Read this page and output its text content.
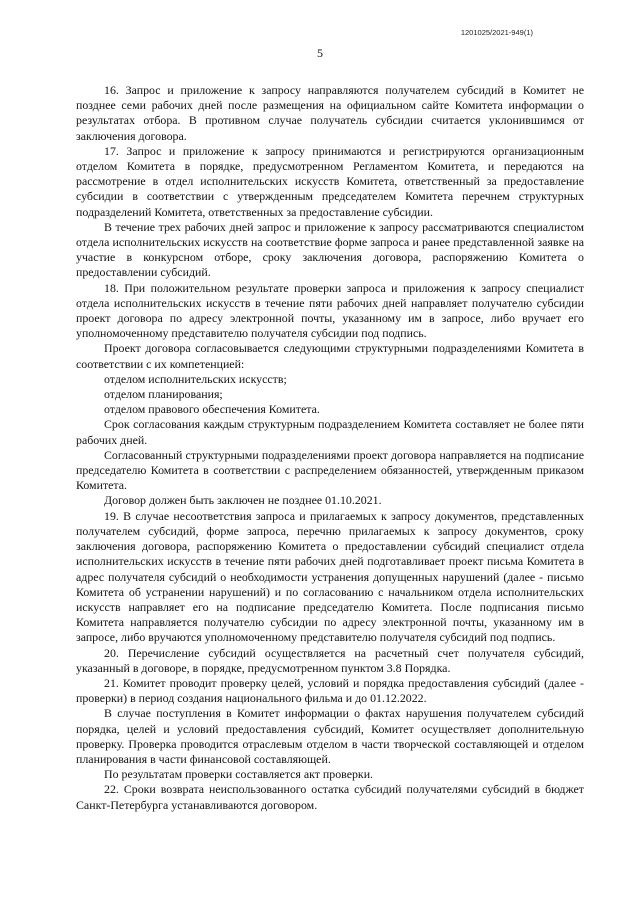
1201025/2021-949(1)
5

16. Запрос и приложение к запросу направляются получателем субсидий в Комитет не позднее семи рабочих дней после размещения на официальном сайте Комитета информации о результатах отбора. В противном случае получатель субсидии считается уклонившимся от заключения договора.

17. Запрос и приложение к запросу принимаются и регистрируются организационным отделом Комитета в порядке, предусмотренном Регламентом Комитета, и передаются на рассмотрение в отдел исполнительских искусств Комитета, ответственный за предоставление субсидии в соответствии с утвержденным председателем Комитета перечнем структурных подразделений Комитета, ответственных за предоставление субсидии.

В течение трех рабочих дней запрос и приложение к запросу рассматриваются специалистом отдела исполнительских искусств на соответствие форме запроса и ранее представленной заявке на участие в конкурсном отборе, сроку заключения договора, распоряжению Комитета о предоставлении субсидий.

18. При положительном результате проверки запроса и приложения к запросу специалист отдела исполнительских искусств в течение пяти рабочих дней направляет получателю субсидии проект договора по адресу электронной почты, указанному им в запросе, либо вручает его уполномоченному представителю получателя субсидии под подпись.

Проект договора согласовывается следующими структурными подразделениями Комитета в соответствии с их компетенцией:

отделом исполнительских искусств;

отделом планирования;

отделом правового обеспечения Комитета.

Срок согласования каждым структурным подразделением Комитета составляет не более пяти рабочих дней.

Согласованный структурными подразделениями проект договора направляется на подписание председателю Комитета в соответствии с распределением обязанностей, утвержденным приказом Комитета.

Договор должен быть заключен не позднее 01.10.2021.

19. В случае несоответствия запроса и прилагаемых к запросу документов, представленных получателем субсидий, форме запроса, перечню прилагаемых к запросу документов, сроку заключения договора, распоряжению Комитета о предоставлении субсидий специалист отдела исполнительских искусств в течение пяти рабочих дней подготавливает проект письма Комитета в адрес получателя субсидий о необходимости устранения допущенных нарушений (далее - письмо Комитета об устранении нарушений) и по согласованию с начальником отдела исполнительских искусств направляет его на подписание председателю Комитета. После подписания письмо Комитета направляется получателю субсидии по адресу электронной почты, указанному им в запросе, либо вручаются уполномоченному представителю получателя субсидий под подпись.

20. Перечисление субсидий осуществляется на расчетный счет получателя субсидий, указанный в договоре, в порядке, предусмотренном пунктом 3.8 Порядка.

21. Комитет проводит проверку целей, условий и порядка предоставления субсидий (далее - проверки) в период создания национального фильма и до 01.12.2022.

В случае поступления в Комитет информации о фактах нарушения получателем субсидий порядка, целей и условий предоставления субсидий, Комитет осуществляет дополнительную проверку. Проверка проводится отраслевым отделом в части творческой составляющей и отделом планирования в части финансовой составляющей.

По результатам проверки составляется акт проверки.

22. Сроки возврата неиспользованного остатка субсидий получателями субсидий в бюджет Санкт-Петербурга устанавливаются договором.
